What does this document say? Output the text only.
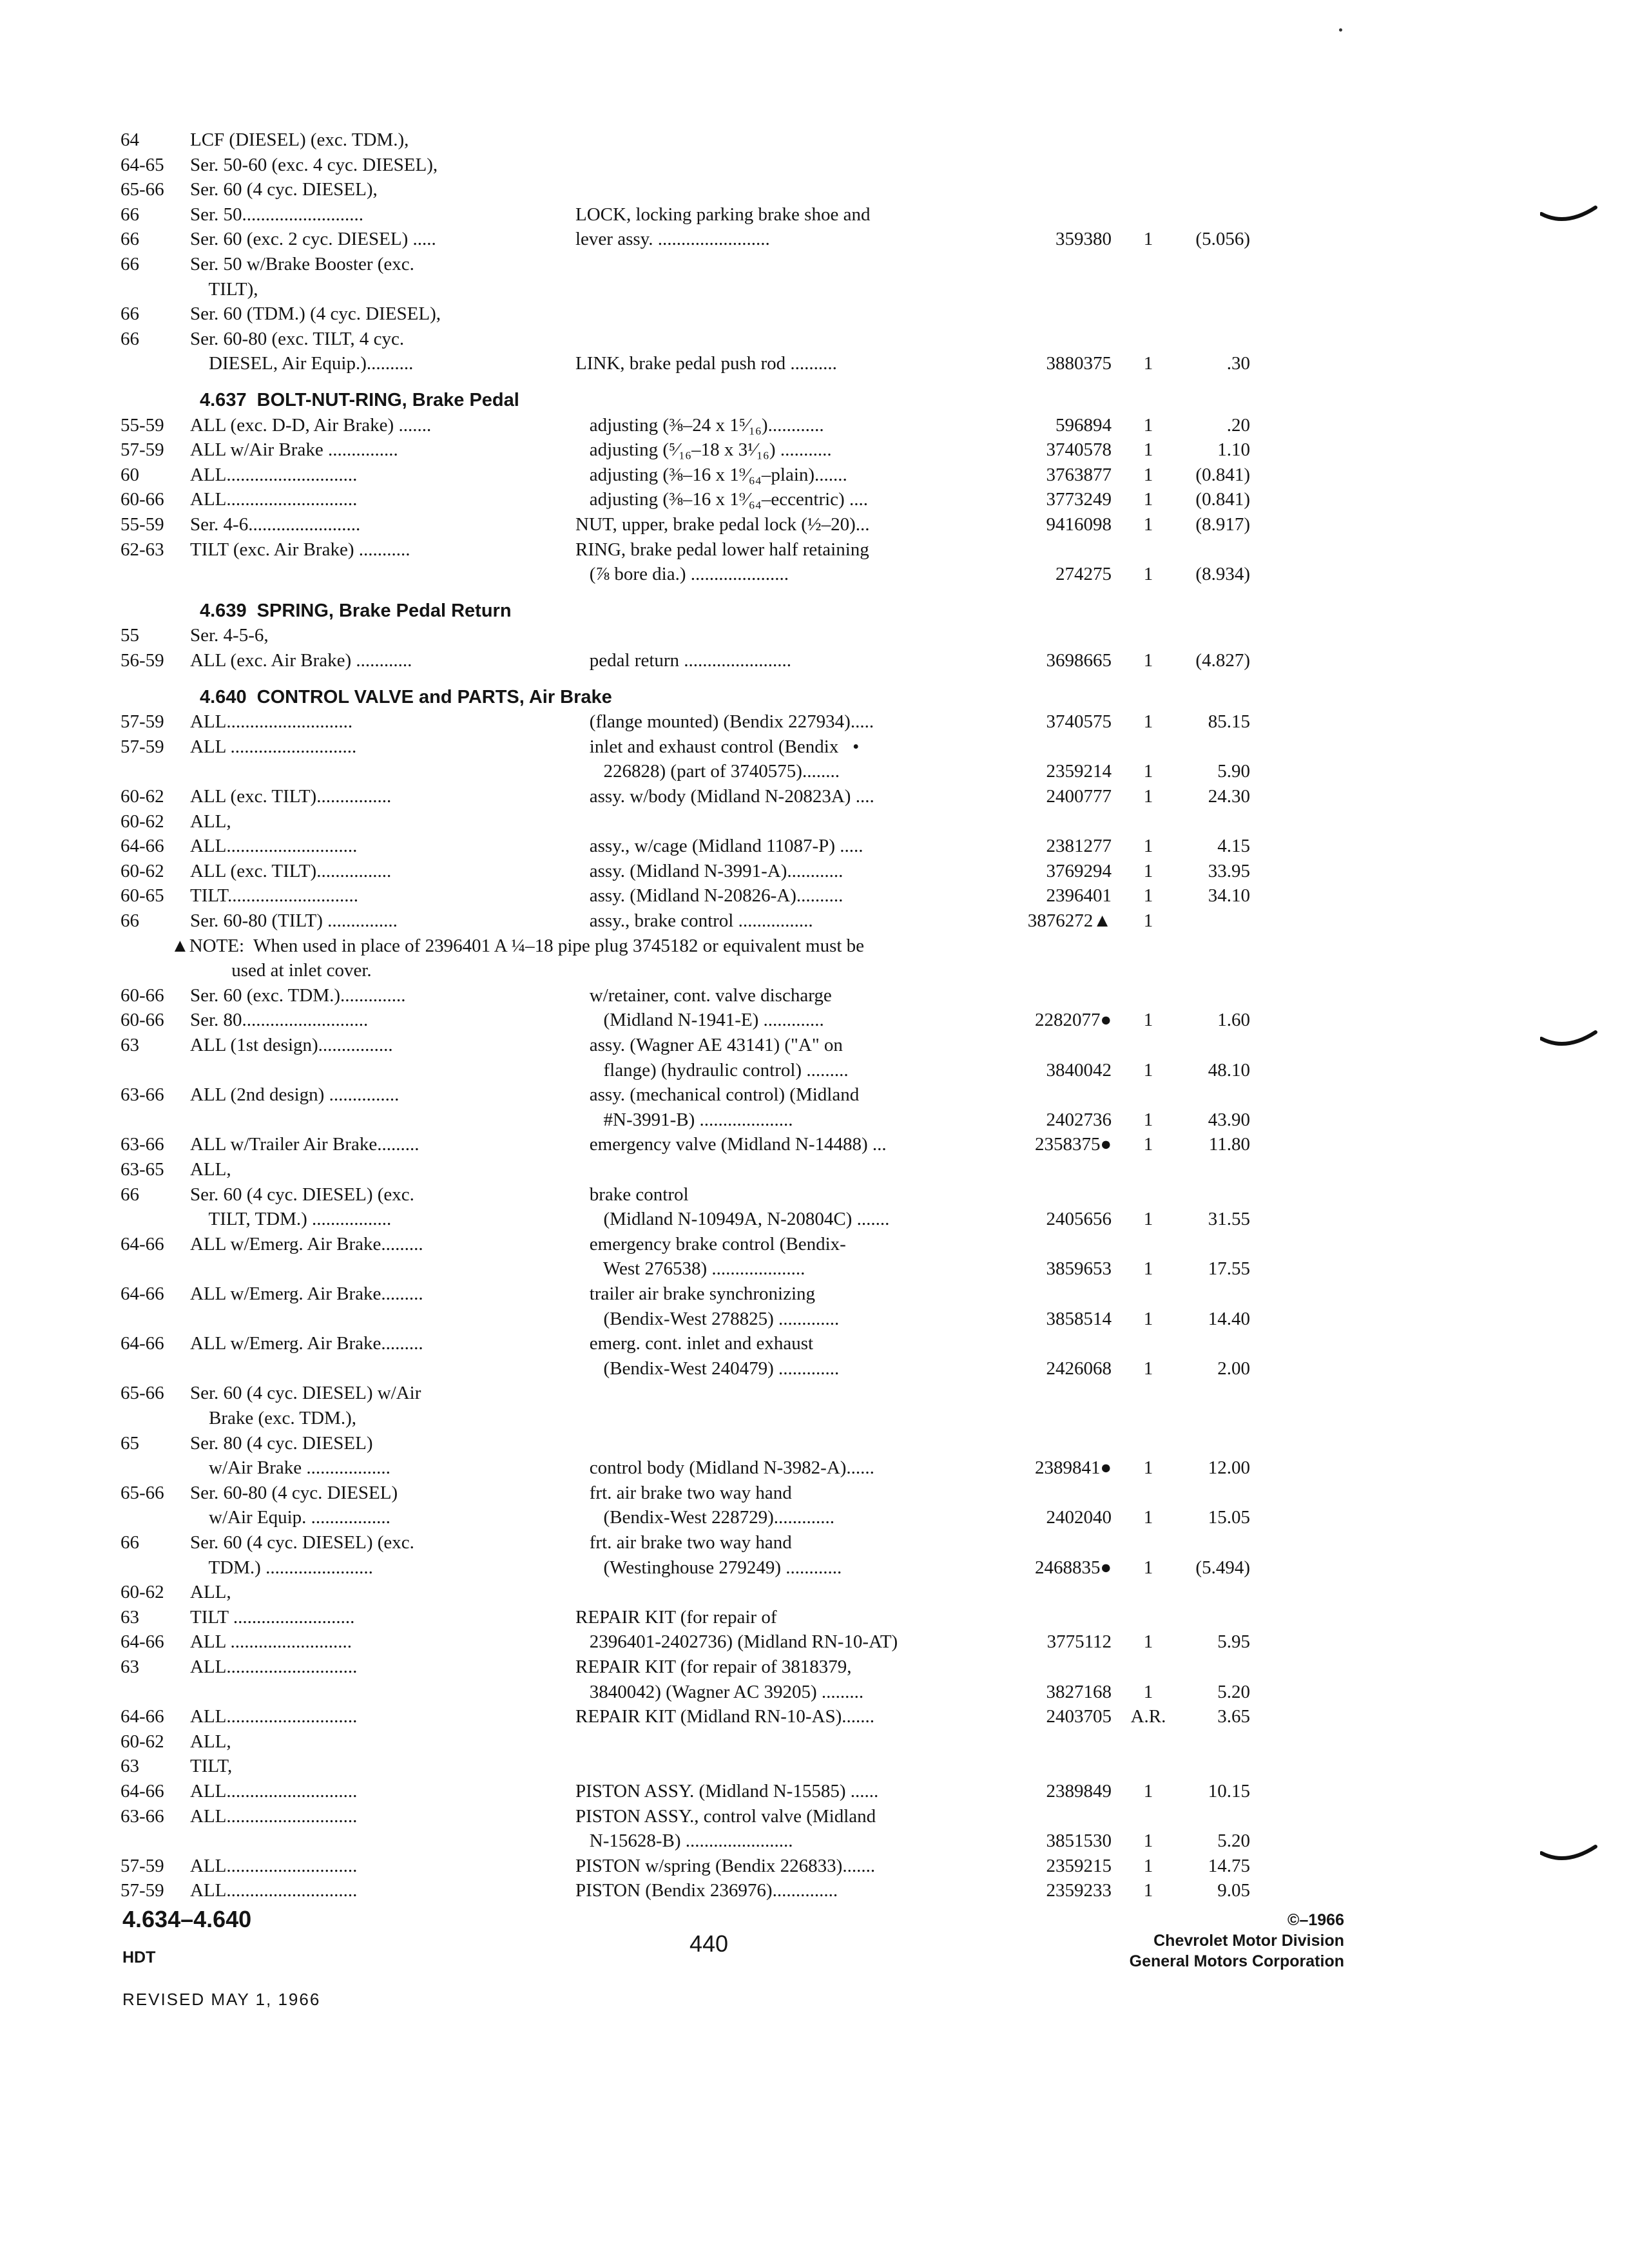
64	LCF (DIESEL) (exc. TDM.),
64-65	Ser. 50-60 (exc. 4 cyc. DIESEL),
65-66	Ser. 60 (4 cyc. DIESEL),
66	Ser. 50..........................	LOCK, locking parking brake shoe and
66	Ser. 60 (exc. 2 cyc. DIESEL) .....	lever assy. ........................	359380	1	(5.056)
66	Ser. 50 w/Brake Booster (exc.
TILT),
66	Ser. 60 (TDM.) (4 cyc. DIESEL),
66	Ser. 60-80 (exc. TILT, 4 cyc.
DIESEL, Air Equip.)..........	LINK, brake pedal push rod ..........	3880375	1	.30
4.637  BOLT-NUT-RING, Brake Pedal
55-59	ALL (exc. D-D, Air Brake) .......	adjusting (⅜–24 x 1⁵⁄₁₆)............	596894	1	.20
57-59	ALL w/Air Brake ...............	adjusting (⁵⁄₁₆–18 x 3¹⁄₁₆) ...........	3740578	1	1.10
60	ALL............................	adjusting (⅜–16 x 1⁹⁄₆₄–plain).......	3763877	1	(0.841)
60-66	ALL............................	adjusting (⅜–16 x 1⁹⁄₆₄–eccentric) ....	3773249	1	(0.841)
55-59	Ser. 4-6........................	NUT, upper, brake pedal lock (½–20)...	9416098	1	(8.917)
62-63	TILT (exc. Air Brake) ...........	RING, brake pedal lower half retaining
(⅞ bore dia.) .....................	274275	1	(8.934)
4.639  SPRING, Brake Pedal Return
55	Ser. 4-5-6,
56-59	ALL (exc. Air Brake) ............	pedal return .......................	3698665	1	(4.827)
4.640  CONTROL VALVE and PARTS, Air Brake
57-59	ALL...........................	(flange mounted) (Bendix 227934).....	3740575	1	85.15
57-59	ALL ...........................	inlet and exhaust control (Bendix   •
226828) (part of 3740575)........	2359214	1	5.90
60-62	ALL (exc. TILT)................	assy. w/body (Midland N-20823A) ....	2400777	1	24.30
60-62	ALL,
64-66	ALL............................	assy., w/cage (Midland 11087-P) .....	2381277	1	4.15
60-62	ALL (exc. TILT)................	assy. (Midland N-3991-A)............	3769294	1	33.95
60-65	TILT............................	assy. (Midland N-20826-A)..........	2396401	1	34.10
66	Ser. 60-80 (TILT) ...............	assy., brake control ................	3876272▲	1
▲NOTE:  When used in place of 2396401 A ¼–18 pipe plug 3745182 or equivalent must be
used at inlet cover.
60-66	Ser. 60 (exc. TDM.)..............	w/retainer, cont. valve discharge
60-66	Ser. 80...........................	(Midland N-1941-E) .............	2282077●	1	1.60
63	ALL (1st design)................	assy. (Wagner AE 43141) ("A" on
flange) (hydraulic control) .........	3840042	1	48.10
63-66	ALL (2nd design) ...............	assy. (mechanical control) (Midland
#N-3991-B) ....................	2402736	1	43.90
63-66	ALL w/Trailer Air Brake.........	emergency valve (Midland N-14488) ...	2358375●	1	11.80
63-65	ALL,
66	Ser. 60 (4 cyc. DIESEL) (exc.	brake control
TILT, TDM.) .................	(Midland N-10949A, N-20804C) .......	2405656	1	31.55
64-66	ALL w/Emerg. Air Brake.........	emergency brake control (Bendix-
West 276538) ....................	3859653	1	17.55
64-66	ALL w/Emerg. Air Brake.........	trailer air brake synchronizing
(Bendix-West 278825) .............	3858514	1	14.40
64-66	ALL w/Emerg. Air Brake.........	emerg. cont. inlet and exhaust
(Bendix-West 240479) .............	2426068	1	2.00
65-66	Ser. 60 (4 cyc. DIESEL) w/Air
Brake (exc. TDM.),
65	Ser. 80 (4 cyc. DIESEL)
w/Air Brake ..................	control body (Midland N-3982-A)......	2389841●	1	12.00
65-66	Ser. 60-80 (4 cyc. DIESEL)	frt. air brake two way hand
w/Air Equip. .................	(Bendix-West 228729).............	2402040	1	15.05
66	Ser. 60 (4 cyc. DIESEL) (exc.	frt. air brake two way hand
TDM.) .......................	(Westinghouse 279249) ............	2468835●	1	(5.494)
60-62	ALL,
63	TILT ..........................	REPAIR KIT (for repair of
64-66	ALL ..........................	2396401-2402736) (Midland RN-10-AT)	3775112	1	5.95
63	ALL............................	REPAIR KIT (for repair of 3818379,
3840042) (Wagner AC 39205) .........	3827168	1	5.20
64-66	ALL............................	REPAIR KIT (Midland RN-10-AS).......	2403705	A.R.	3.65
60-62	ALL,
63	TILT,
64-66	ALL............................	PISTON ASSY. (Midland N-15585) ......	2389849	1	10.15
63-66	ALL............................	PISTON ASSY., control valve (Midland
N-15628-B) .......................	3851530	1	5.20
57-59	ALL............................	PISTON w/spring (Bendix 226833).......	2359215	1	14.75
57-59	ALL............................	PISTON (Bendix 236976)..............	2359233	1	9.05
4.634–4.640
HDT
REVISED MAY 1, 1966
440
©–1966
Chevrolet Motor Division
General Motors Corporation
